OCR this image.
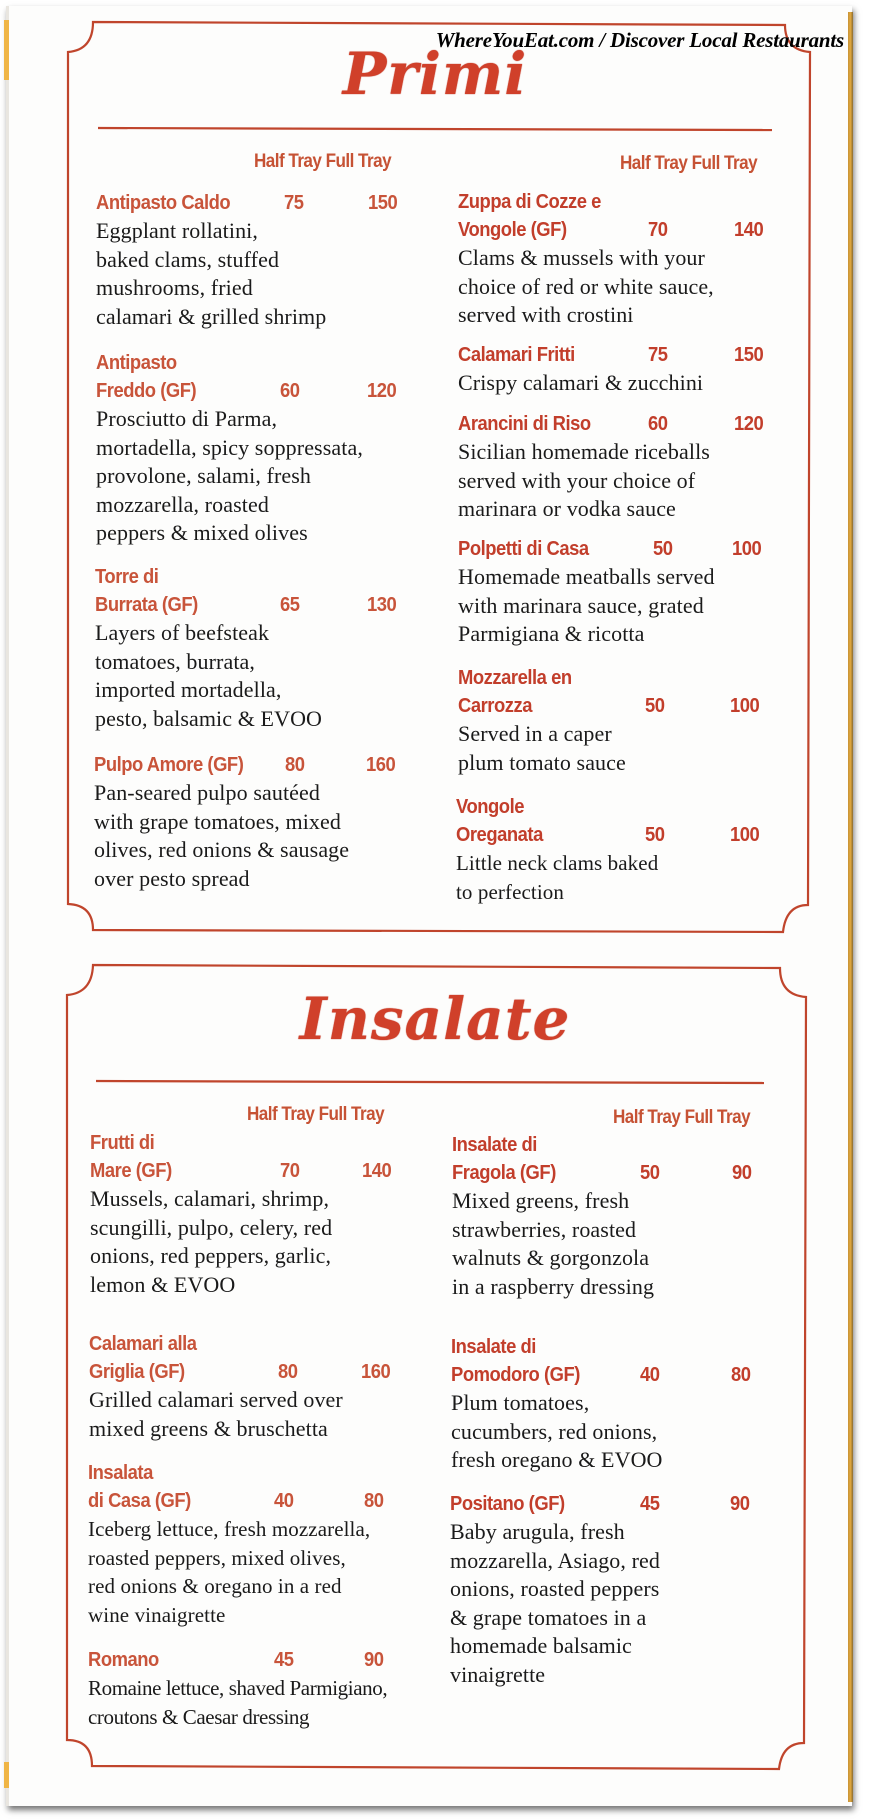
WhereYouEat.com / Discover Local Restaurants
Primi
Half Tray Full Tray	Half Tray Full Tray
Antipasto Caldo	75	150
Eggplant rollatini,
baked clams, stuffed
mushrooms, fried
calamari & grilled shrimp
Antipasto
Freddo (GF)	60	120
Prosciutto di Parma,
mortadella, spicy soppressata,
provolone, salami, fresh
mozzarella, roasted
peppers & mixed olives
Torre di
Burrata (GF)	65	130
Layers of beefsteak
tomatoes, burrata,
imported mortadella,
pesto, balsamic & EVOO
Pulpo Amore (GF)	80	160
Pan-seared pulpo sautéed
with grape tomatoes, mixed
olives, red onions & sausage
over pesto spread
Zuppa di Cozze e
Vongole (GF)	70	140
Clams & mussels with your
choice of red or white sauce,
served with crostini
Calamari Fritti	75	150
Crispy calamari & zucchini
Arancini di Riso	60	120
Sicilian homemade riceballs
served with your choice of
marinara or vodka sauce
Polpetti di Casa	50	100
Homemade meatballs served
with marinara sauce, grated
Parmigiana & ricotta
Mozzarella en
Carrozza	50	100
Served in a caper
plum tomato sauce
Vongole
Oreganata	50	100
Little neck clams baked
to perfection
Insalate
Half Tray Full Tray	Half Tray Full Tray
Frutti di
Mare (GF)	70	140
Mussels, calamari, shrimp,
scungilli, pulpo, celery, red
onions, red peppers, garlic,
lemon & EVOO
Calamari alla
Griglia (GF)	80	160
Grilled calamari served over
mixed greens & bruschetta
Insalata
di Casa (GF)	40	80
Iceberg lettuce, fresh mozzarella,
roasted peppers, mixed olives,
red onions & oregano in a red
wine vinaigrette
Romano	45	90
Romaine lettuce, shaved Parmigiano,
croutons & Caesar dressing
Insalate di
Fragola (GF)	50	90
Mixed greens, fresh
strawberries, roasted
walnuts & gorgonzola
in a raspberry dressing
Insalate di
Pomodoro (GF)	40	80
Plum tomatoes,
cucumbers, red onions,
fresh oregano & EVOO
Positano (GF)	45	90
Baby arugula, fresh
mozzarella, Asiago, red
onions, roasted peppers
& grape tomatoes in a
homemade balsamic
vinaigrette
